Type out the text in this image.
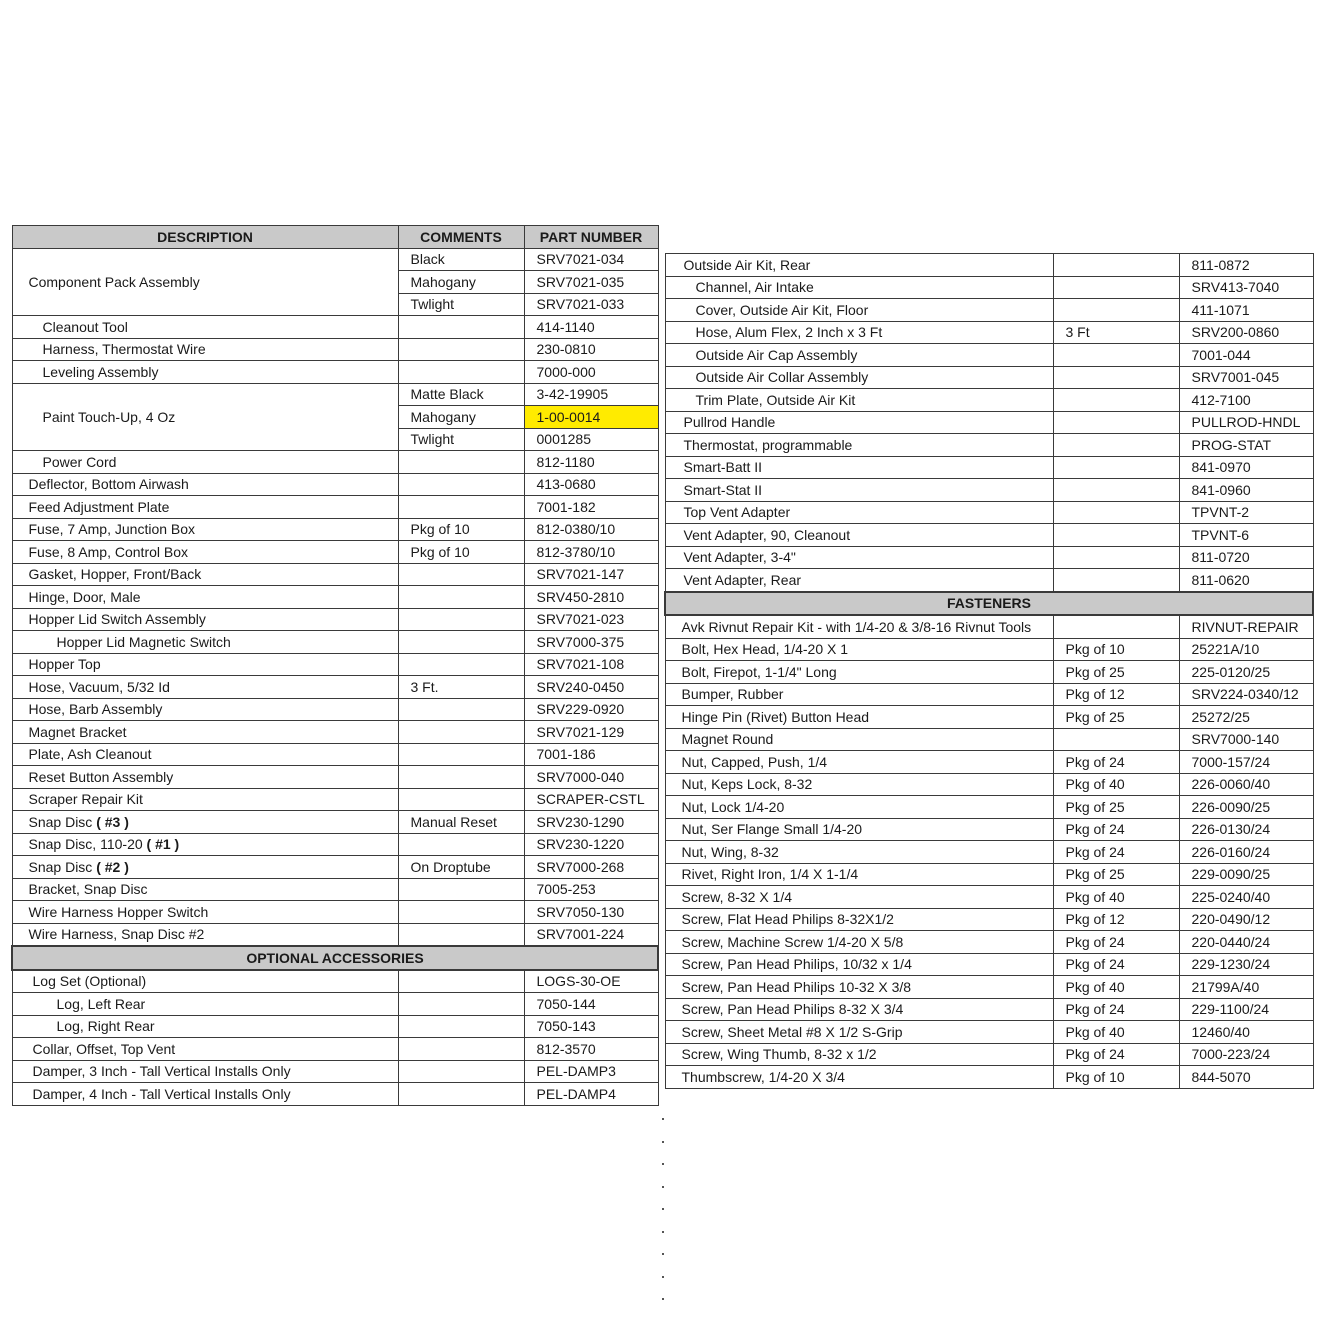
DESCRIPTION	COMMENTS	PART NUMBER
Component Pack Assembly	Black	SRV7021-034
	Mahogany	SRV7021-035
	Twlight	SRV7021-033
Cleanout Tool		414-1140
Harness, Thermostat Wire		230-0810
Leveling Assembly		7000-000
Paint Touch-Up, 4 Oz	Matte Black	3-42-19905
	Mahogany	1-00-0014
	Twlight	0001285
Power Cord		812-1180
Deflector, Bottom Airwash		413-0680
Feed Adjustment Plate		7001-182
Fuse, 7 Amp, Junction Box	Pkg of 10	812-0380/10
Fuse, 8 Amp, Control Box	Pkg of 10	812-3780/10
Gasket, Hopper, Front/Back		SRV7021-147
Hinge, Door, Male		SRV450-2810
Hopper Lid Switch Assembly		SRV7021-023
Hopper Lid Magnetic Switch		SRV7000-375
Hopper Top		SRV7021-108
Hose, Vacuum, 5/32 Id	3 Ft.	SRV240-0450
Hose, Barb Assembly		SRV229-0920
Magnet Bracket		SRV7021-129
Plate, Ash Cleanout		7001-186
Reset Button Assembly		SRV7000-040
Scraper Repair Kit		SCRAPER-CSTL
Snap Disc ( #3 )	Manual Reset	SRV230-1290
Snap Disc, 110-20 ( #1 )		SRV230-1220
Snap Disc ( #2 )	On Droptube	SRV7000-268
Bracket, Snap Disc		7005-253
Wire Harness Hopper Switch		SRV7050-130
Wire Harness, Snap Disc #2		SRV7001-224
OPTIONAL ACCESSORIES		
Log Set (Optional)		LOGS-30-OE
Log, Left Rear		7050-144
Log, Right Rear		7050-143
Collar, Offset, Top Vent		812-3570
Damper, 3 Inch - Tall Vertical Installs Only		PEL-DAMP3
Damper, 4 Inch - Tall Vertical Installs Only		PEL-DAMP4
Outside Air Kit, Rear		811-0872
Channel, Air Intake		SRV413-7040
Cover, Outside Air Kit, Floor		411-1071
Hose, Alum Flex, 2 Inch x 3 Ft	3 Ft	SRV200-0860
Outside Air Cap Assembly		7001-044
Outside Air Collar Assembly		SRV7001-045
Trim Plate, Outside Air Kit		412-7100
Pullrod Handle		PULLROD-HNDL
Thermostat, programmable		PROG-STAT
Smart-Batt II		841-0970
Smart-Stat II		841-0960
Top Vent Adapter		TPVNT-2
Vent Adapter, 90, Cleanout		TPVNT-6
Vent Adapter, 3-4"		811-0720
Vent Adapter, Rear		811-0620
FASTENERS		
Avk Rivnut Repair Kit - with 1/4-20 & 3/8-16 Rivnut Tools		RIVNUT-REPAIR
Bolt, Hex Head, 1/4-20 X 1	Pkg of 10	25221A/10
Bolt, Firepot, 1-1/4" Long	Pkg of 25	225-0120/25
Bumper, Rubber	Pkg of 12	SRV224-0340/12
Hinge Pin (Rivet) Button Head	Pkg of 25	25272/25
Magnet Round		SRV7000-140
Nut, Capped, Push, 1/4	Pkg of 24	7000-157/24
Nut, Keps Lock, 8-32	Pkg of 40	226-0060/40
Nut, Lock 1/4-20	Pkg of 25	226-0090/25
Nut, Ser Flange Small 1/4-20	Pkg of 24	226-0130/24
Nut, Wing, 8-32	Pkg of 24	226-0160/24
Rivet, Right Iron, 1/4 X 1-1/4	Pkg of 25	229-0090/25
Screw, 8-32 X 1/4	Pkg of 40	225-0240/40
Screw, Flat Head Philips 8-32X1/2	Pkg of 12	220-0490/12
Screw, Machine Screw 1/4-20 X 5/8	Pkg of 24	220-0440/24
Screw, Pan Head Philips, 10/32 x 1/4	Pkg of 24	229-1230/24
Screw, Pan Head Philips 10-32 X 3/8	Pkg of 40	21799A/40
Screw, Pan Head Philips 8-32 X 3/4	Pkg of 24	229-1100/24
Screw, Sheet Metal #8 X 1/2 S-Grip	Pkg of 40	12460/40
Screw, Wing Thumb, 8-32 x 1/2	Pkg of 24	7000-223/24
Thumbscrew, 1/4-20 X 3/4	Pkg of 10	844-5070
